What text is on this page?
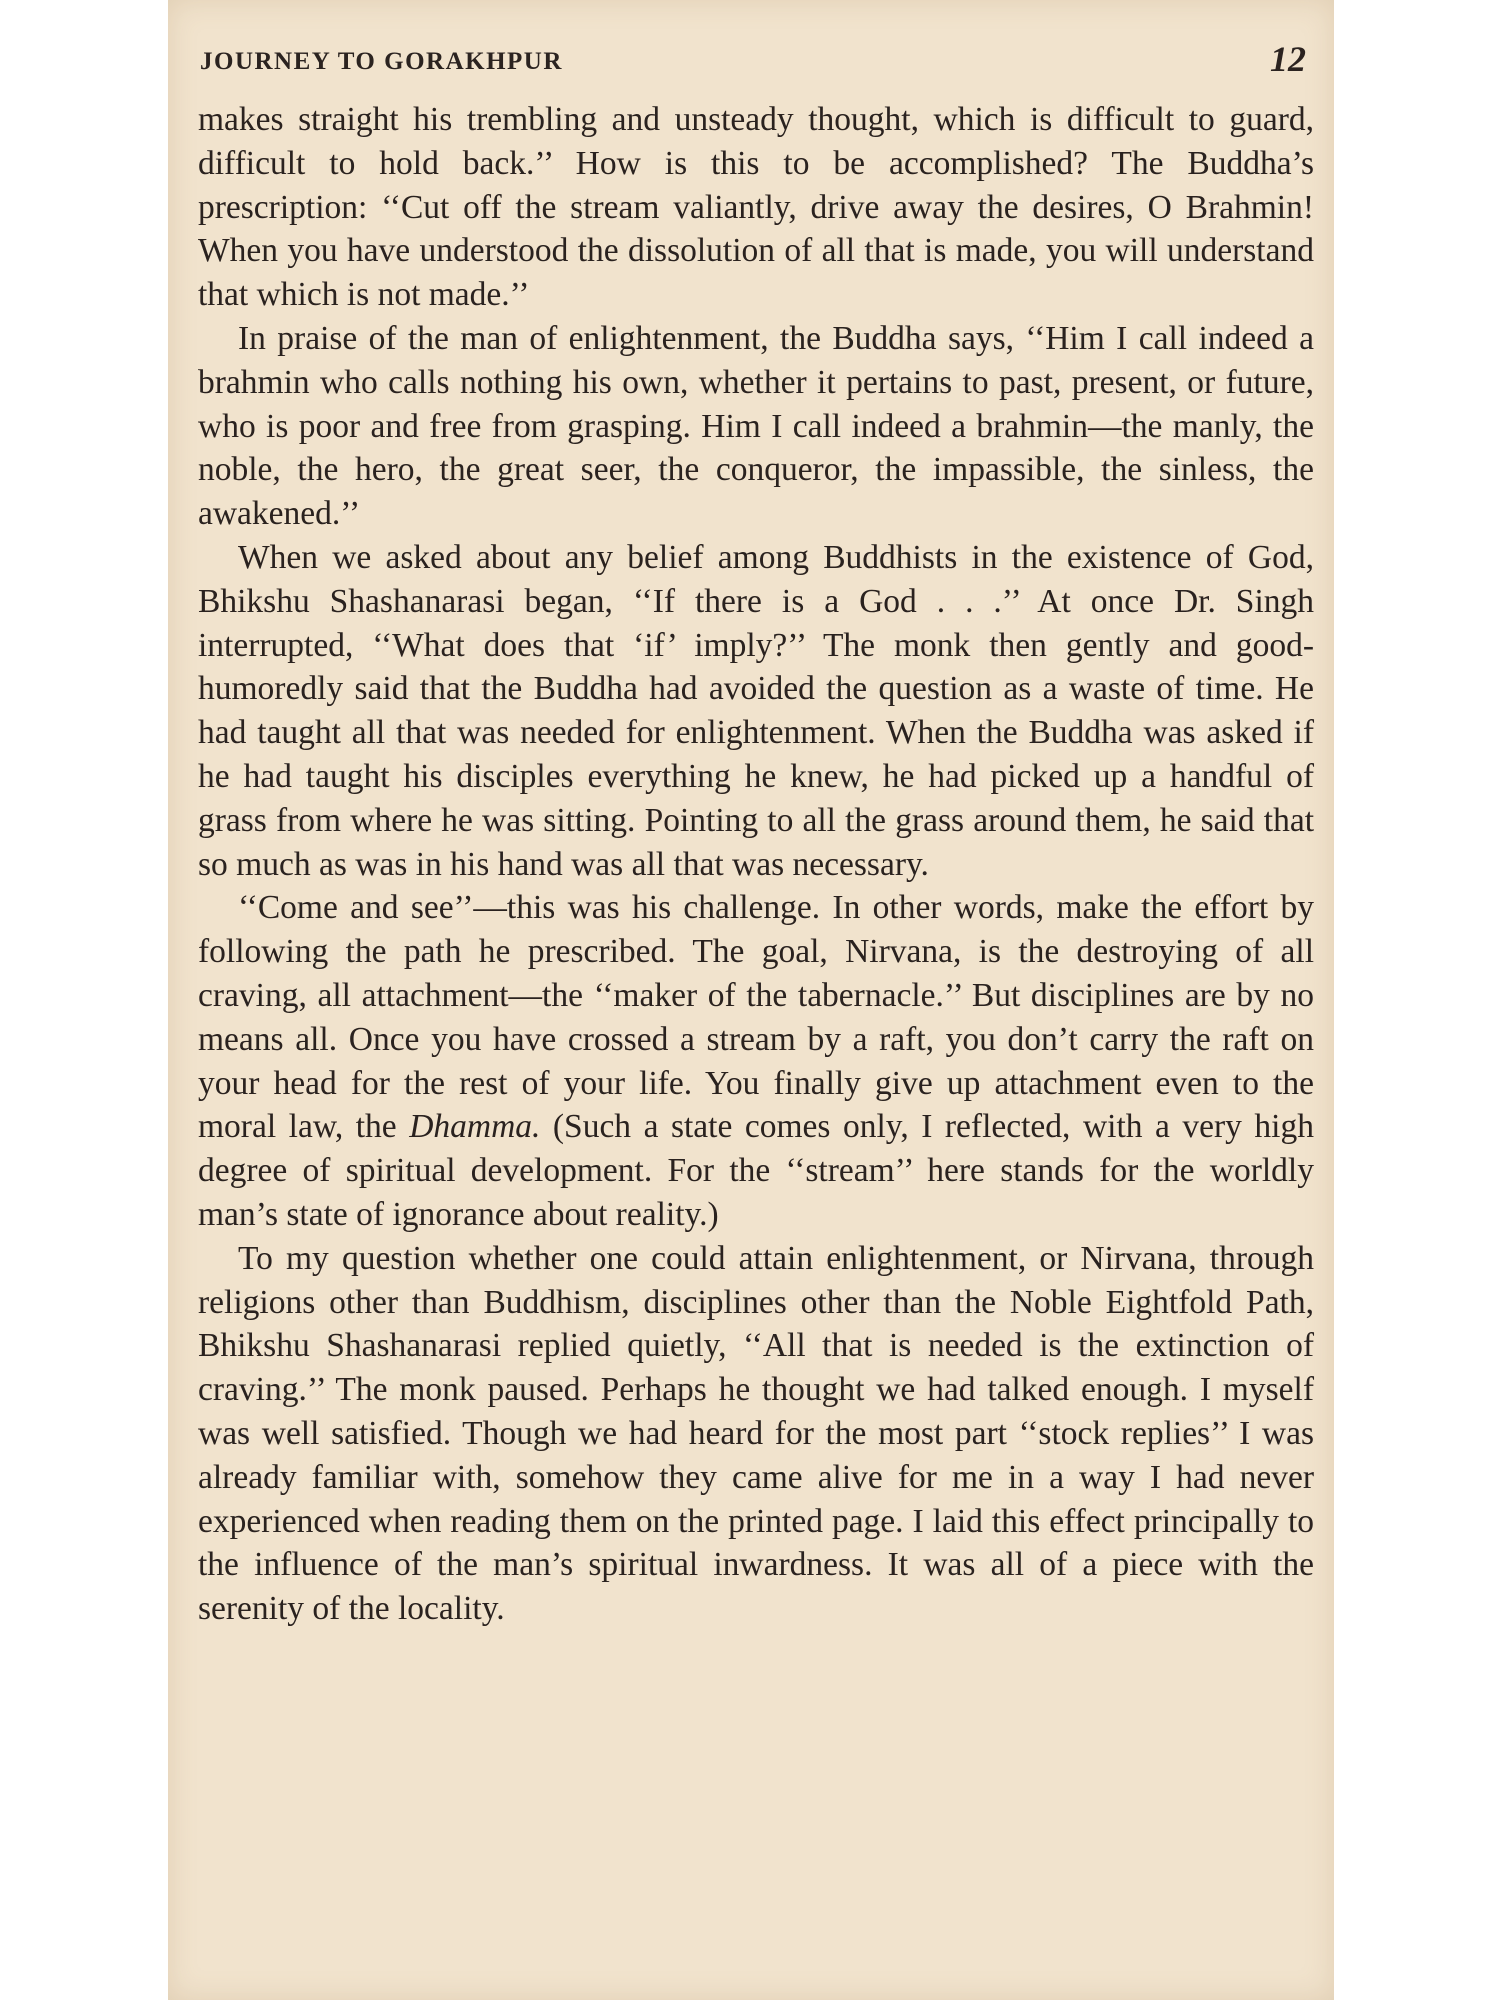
JOURNEY TO GORAKHPUR	12

makes straight his trembling and unsteady thought, which is difficult to guard, difficult to hold back.’’ How is this to be accomplished? The Buddha’s prescription: ‘‘Cut off the stream valiantly, drive away the desires, O Brahmin! When you have understood the dissolution of all that is made, you will understand that which is not made.’’

In praise of the man of enlightenment, the Buddha says, ‘‘Him I call indeed a brahmin who calls nothing his own, whether it pertains to past, present, or future, who is poor and free from grasping. Him I call indeed a brahmin—the manly, the noble, the hero, the great seer, the conqueror, the impassible, the sinless, the awakened.’’

When we asked about any belief among Buddhists in the existence of God, Bhikshu Shashanarasi began, ‘‘If there is a God . . .’’ At once Dr. Singh interrupted, ‘‘What does that ‘if’ imply?’’ The monk then gently and good-humoredly said that the Buddha had avoided the question as a waste of time. He had taught all that was needed for enlightenment. When the Buddha was asked if he had taught his disciples everything he knew, he had picked up a handful of grass from where he was sitting. Pointing to all the grass around them, he said that so much as was in his hand was all that was necessary.

‘‘Come and see’’—this was his challenge. In other words, make the effort by following the path he prescribed. The goal, Nirvana, is the destroying of all craving, all attachment—the ‘‘maker of the tabernacle.’’ But disciplines are by no means all. Once you have crossed a stream by a raft, you don’t carry the raft on your head for the rest of your life. You finally give up attachment even to the moral law, the Dhamma. (Such a state comes only, I reflected, with a very high degree of spiritual development. For the ‘‘stream’’ here stands for the worldly man’s state of ignorance about reality.)

To my question whether one could attain enlightenment, or Nirvana, through religions other than Buddhism, disciplines other than the Noble Eightfold Path, Bhikshu Shashanarasi replied quietly, ‘‘All that is needed is the extinction of craving.’’ The monk paused. Perhaps he thought we had talked enough. I myself was well satisfied. Though we had heard for the most part ‘‘stock replies’’ I was already familiar with, somehow they came alive for me in a way I had never experienced when reading them on the printed page. I laid this effect principally to the influence of the man’s spiritual inwardness. It was all of a piece with the serenity of the locality.
